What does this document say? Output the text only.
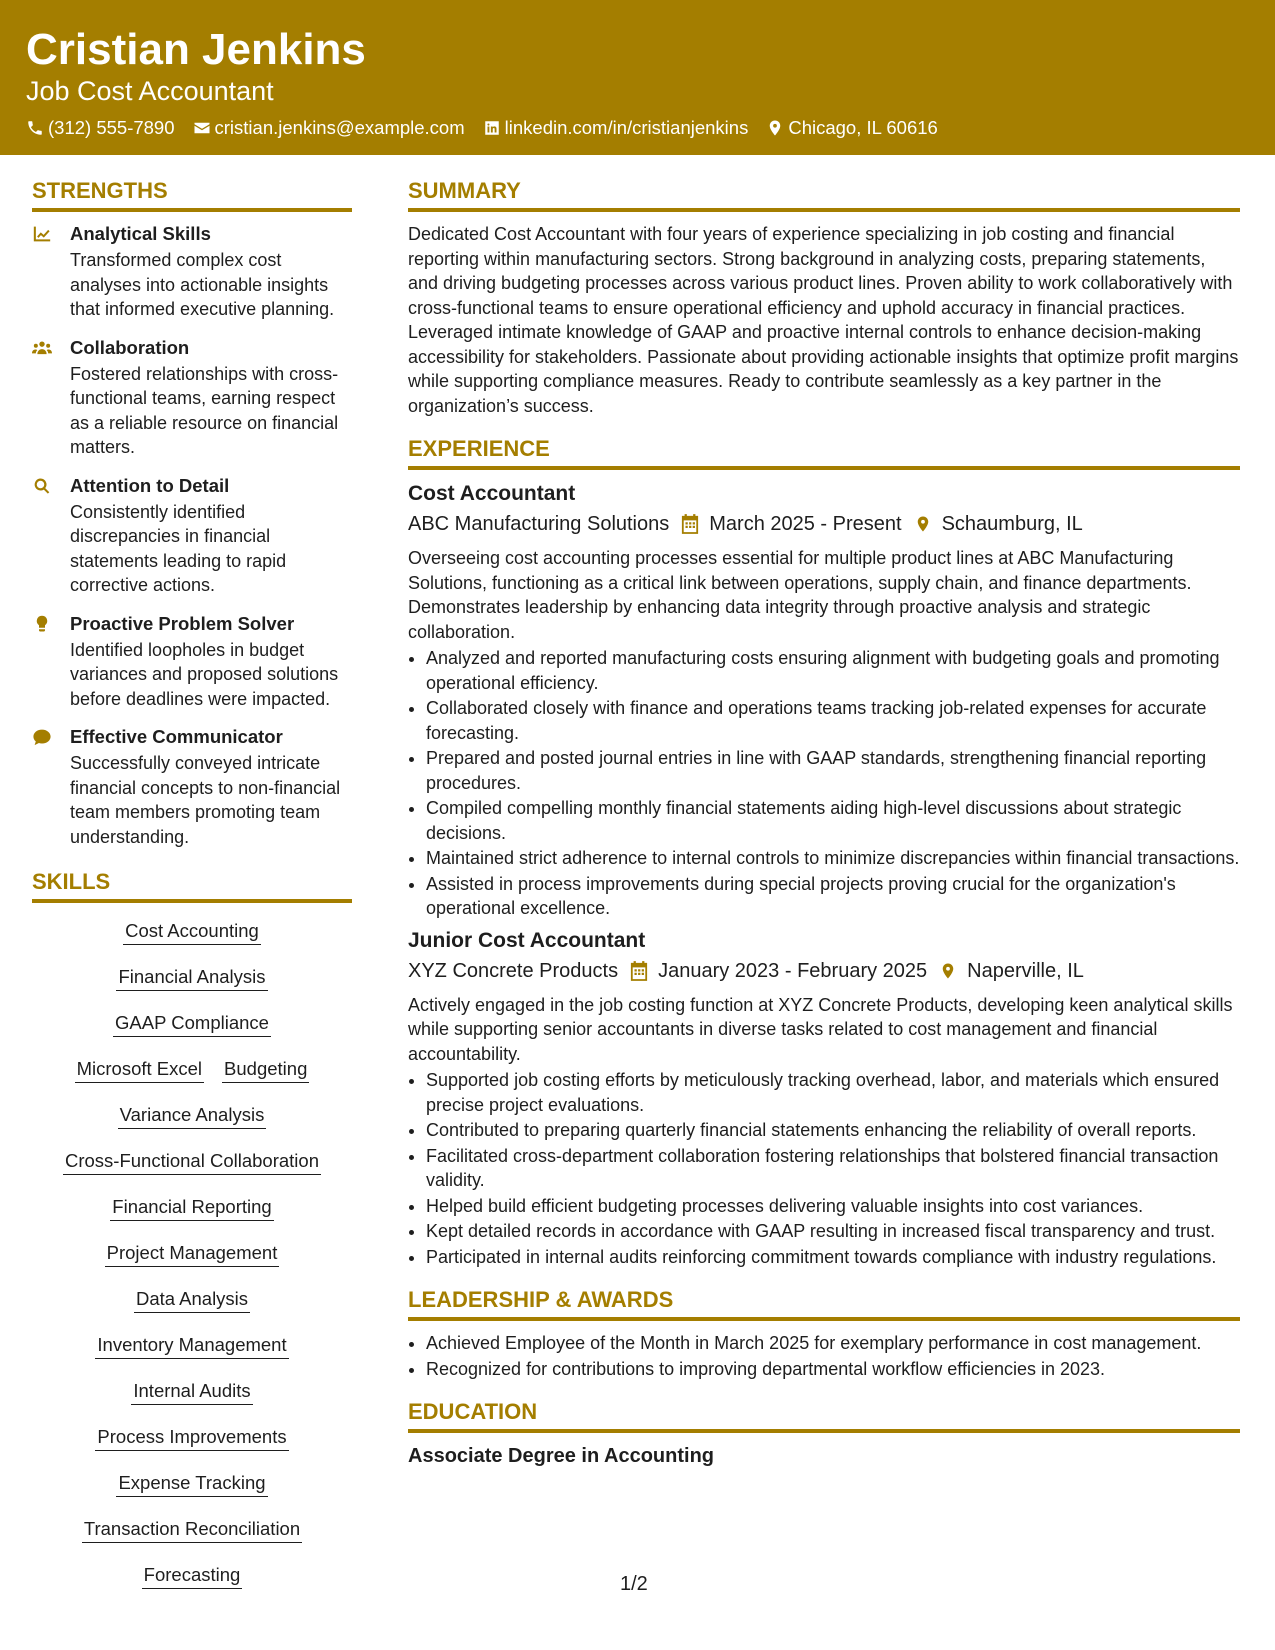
Cristian Jenkins
Job Cost Accountant
(312) 555-7890 cristian.jenkins@example.com linkedin.com/in/cristianjenkins Chicago, IL 60616
STRENGTHS
Analytical Skills
Transformed complex cost analyses into actionable insights that informed executive planning.
Collaboration
Fostered relationships with cross-functional teams, earning respect as a reliable resource on financial matters.
Attention to Detail
Consistently identified discrepancies in financial statements leading to rapid corrective actions.
Proactive Problem Solver
Identified loopholes in budget variances and proposed solutions before deadlines were impacted.
Effective Communicator
Successfully conveyed intricate financial concepts to non-financial team members promoting team understanding.
SKILLS
Cost Accounting
Financial Analysis
GAAP Compliance
Microsoft Excel Budgeting
Variance Analysis
Cross-Functional Collaboration
Financial Reporting
Project Management
Data Analysis
Inventory Management
Internal Audits
Process Improvements
Expense Tracking
Transaction Reconciliation
Forecasting
SUMMARY
Dedicated Cost Accountant with four years of experience specializing in job costing and financial reporting within manufacturing sectors. Strong background in analyzing costs, preparing statements, and driving budgeting processes across various product lines. Proven ability to work collaboratively with cross-functional teams to ensure operational efficiency and uphold accuracy in financial practices. Leveraged intimate knowledge of GAAP and proactive internal controls to enhance decision-making accessibility for stakeholders. Passionate about providing actionable insights that optimize profit margins while supporting compliance measures. Ready to contribute seamlessly as a key partner in the organization’s success.
EXPERIENCE
Cost Accountant
ABC Manufacturing Solutions March 2025 - Present Schaumburg, IL
Overseeing cost accounting processes essential for multiple product lines at ABC Manufacturing Solutions, functioning as a critical link between operations, supply chain, and finance departments. Demonstrates leadership by enhancing data integrity through proactive analysis and strategic collaboration.
• Analyzed and reported manufacturing costs ensuring alignment with budgeting goals and promoting operational efficiency.
• Collaborated closely with finance and operations teams tracking job-related expenses for accurate forecasting.
• Prepared and posted journal entries in line with GAAP standards, strengthening financial reporting procedures.
• Compiled compelling monthly financial statements aiding high-level discussions about strategic decisions.
• Maintained strict adherence to internal controls to minimize discrepancies within financial transactions.
• Assisted in process improvements during special projects proving crucial for the organization's operational excellence.
Junior Cost Accountant
XYZ Concrete Products January 2023 - February 2025 Naperville, IL
Actively engaged in the job costing function at XYZ Concrete Products, developing keen analytical skills while supporting senior accountants in diverse tasks related to cost management and financial accountability.
• Supported job costing efforts by meticulously tracking overhead, labor, and materials which ensured precise project evaluations.
• Contributed to preparing quarterly financial statements enhancing the reliability of overall reports.
• Facilitated cross-department collaboration fostering relationships that bolstered financial transaction validity.
• Helped build efficient budgeting processes delivering valuable insights into cost variances.
• Kept detailed records in accordance with GAAP resulting in increased fiscal transparency and trust.
• Participated in internal audits reinforcing commitment towards compliance with industry regulations.
LEADERSHIP & AWARDS
• Achieved Employee of the Month in March 2025 for exemplary performance in cost management.
• Recognized for contributions to improving departmental workflow efficiencies in 2023.
EDUCATION
Associate Degree in Accounting
1/2
